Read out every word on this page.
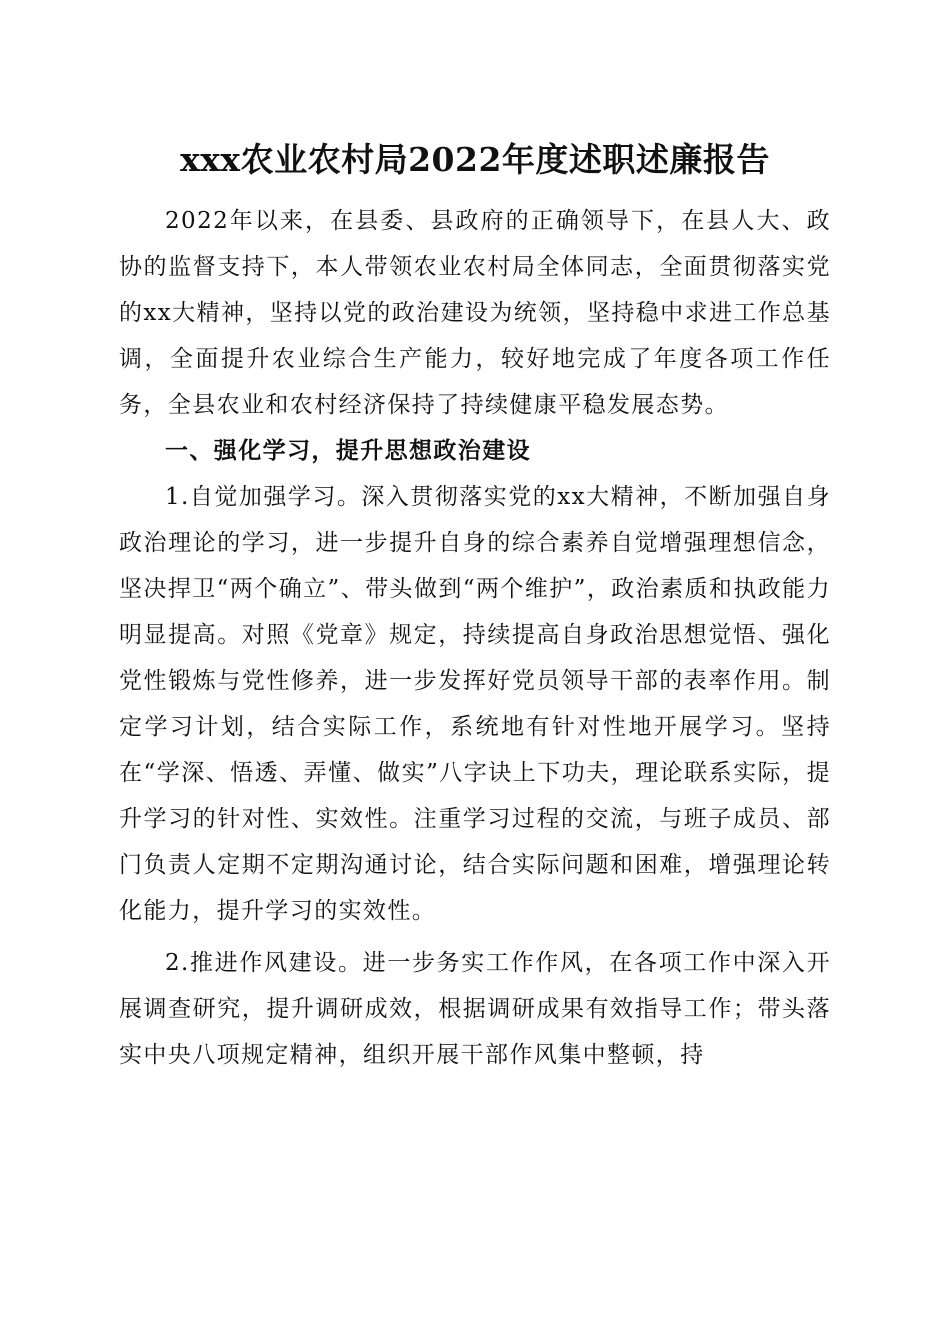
xxx农业农村局2022年度述职述廉报告

2022年以来，在县委、县政府的正确领导下，在县人大、政协的监督支持下，本人带领农业农村局全体同志，全面贯彻落实党的xx大精神，坚持以党的政治建设为统领，坚持稳中求进工作总基调，全面提升农业综合生产能力，较好地完成了年度各项工作任务，全县农业和农村经济保持了持续健康平稳发展态势。

一、强化学习，提升思想政治建设

1.自觉加强学习。深入贯彻落实党的xx大精神，不断加强自身政治理论的学习，进一步提升自身的综合素养自觉增强理想信念，坚决捍卫“两个确立”、带头做到“两个维护”，政治素质和执政能力明显提高。对照《党章》规定，持续提高自身政治思想觉悟、强化党性锻炼与党性修养，进一步发挥好党员领导干部的表率作用。制定学习计划，结合实际工作，系统地有针对性地开展学习。坚持在“学深、悟透、弄懂、做实”八字诀上下功夫，理论联系实际，提升学习的针对性、实效性。注重学习过程的交流，与班子成员、部门负责人定期不定期沟通讨论，结合实际问题和困难，增强理论转化能力，提升学习的实效性。

2.推进作风建设。进一步务实工作作风，在各项工作中深入开展调查研究，提升调研成效，根据调研成果有效指导工作；带头落实中央八项规定精神，组织开展干部作风集中整顿，持
